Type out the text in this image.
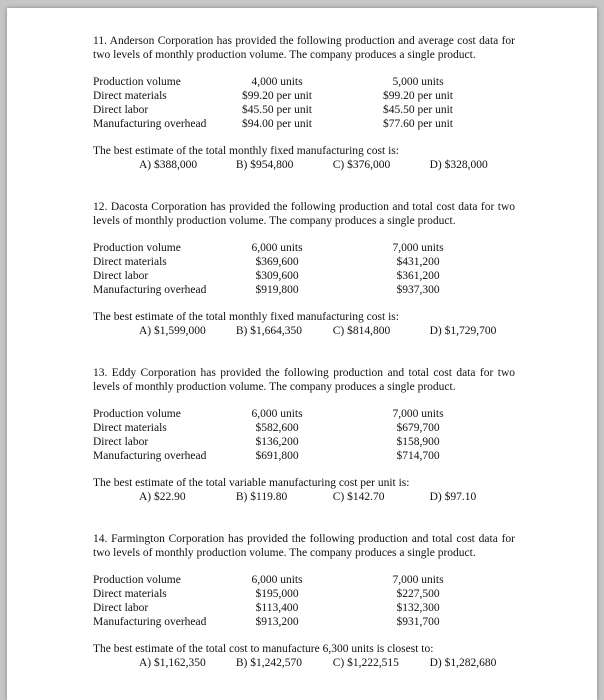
11. Anderson Corporation has provided the following production and average cost data for two levels of monthly production volume. The company produces a single product.

Production volume	4,000 units	5,000 units
Direct materials	$99.20 per unit	$99.20 per unit
Direct labor	$45.50 per unit	$45.50 per unit
Manufacturing overhead	$94.00 per unit	$77.60 per unit

The best estimate of the total monthly fixed manufacturing cost is:

A) $388,000	B) $954,800	C) $376,000	D) $328,000

12. Dacosta Corporation has provided the following production and total cost data for two levels of monthly production volume. The company produces a single product.

Production volume	6,000 units	7,000 units
Direct materials	$369,600	$431,200
Direct labor	$309,600	$361,200
Manufacturing overhead	$919,800	$937,300

The best estimate of the total monthly fixed manufacturing cost is:

A) $1,599,000	B) $1,664,350	C) $814,800	D) $1,729,700

13. Eddy Corporation has provided the following production and total cost data for two levels of monthly production volume. The company produces a single product.

Production volume	6,000 units	7,000 units
Direct materials	$582,600	$679,700
Direct labor	$136,200	$158,900
Manufacturing overhead	$691,800	$714,700

The best estimate of the total variable manufacturing cost per unit is:

A) $22.90	B) $119.80	C) $142.70	D) $97.10

14. Farmington Corporation has provided the following production and total cost data for two levels of monthly production volume. The company produces a single product.

Production volume	6,000 units	7,000 units
Direct materials	$195,000	$227,500
Direct labor	$113,400	$132,300
Manufacturing overhead	$913,200	$931,700

The best estimate of the total cost to manufacture 6,300 units is closest to:

A) $1,162,350	B) $1,242,570	C) $1,222,515	D) $1,282,680
